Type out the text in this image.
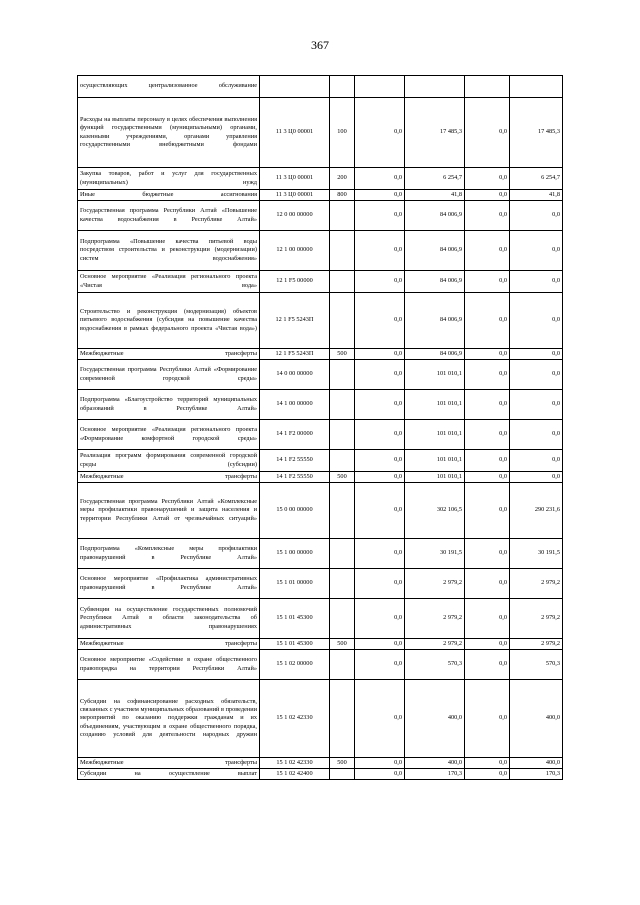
367
осуществляющих централизованное обслуживание						
Расходы на выплаты персоналу в целях обеспечения выполнения функций государственными (муниципальными) органами, казенными учреждениями, органами управления государственными внебюджетными фондами	11 3 Ц0 00001	100	0,0	17 485,3	0,0	17 485,3
Закупка товаров, работ и услуг для государственных (муниципальных) нужд	11 3 Ц0 00001	200	0,0	6 254,7	0,0	6 254,7
Иные бюджетные ассигнования	11 3 Ц0 00001	800	0,0	41,8	0,0	41,8
Государственная программа Республики Алтай «Повышение качества водоснабжения в Республике Алтай»	12 0 00 00000		0,0	84 006,9	0,0	0,0
Подпрограмма «Повышение качества питьевой воды посредством строительства и реконструкции (модернизации) систем водоснабжения»	12 1 00 00000		0,0	84 006,9	0,0	0,0
Основное мероприятие «Реализация регионального проекта «Чистая вода»	12 1 F5 00000		0,0	84 006,9	0,0	0,0
Строительство и реконструкция (модернизация) объектов питьевого водоснабжения (субсидия на повышение качества водоснабжения в рамках федерального проекта «Чистая вода»)	12 1 F5 5243П		0,0	84 006,9	0,0	0,0
Межбюджетные трансферты	12 1 F5 5243П	500	0,0	84 006,9	0,0	0,0
Государственная программа Республики Алтай «Формирование современной городской среды»	14 0 00 00000		0,0	101 010,1	0,0	0,0
Подпрограмма «Благоустройство территорий муниципальных образований в Республике Алтай»	14 1 00 00000		0,0	101 010,1	0,0	0,0
Основное мероприятие «Реализация регионального проекта «Формирование комфортной городской среды»	14 1 F2 00000		0,0	101 010,1	0,0	0,0
Реализация программ формирования современной городской среды (субсидии)	14 1 F2 55550		0,0	101 010,1	0,0	0,0
Межбюджетные трансферты	14 1 F2 55550	500	0,0	101 010,1	0,0	0,0
Государственная программа Республики Алтай «Комплексные меры профилактики правонарушений и защита населения и территории Республики Алтай от чрезвычайных ситуаций»	15 0 00 00000		0,0	302 106,5	0,0	290 231,6
Подпрограмма «Комплексные меры профилактики правонарушений в Республике Алтай»	15 1 00 00000		0,0	30 191,5	0,0	30 191,5
Основное мероприятие «Профилактика административных правонарушений в Республике Алтай»	15 1 01 00000		0,0	2 979,2	0,0	2 979,2
Субвенции на осуществление государственных полномочий Республики Алтай в области законодательства об административных правонарушениях	15 1 01 45300		0,0	2 979,2	0,0	2 979,2
Межбюджетные трансферты	15 1 01 45300	500	0,0	2 979,2	0,0	2 979,2
Основное мероприятие «Содействие в охране общественного правопорядка на территории Республики Алтай»	15 1 02 00000		0,0	570,3	0,0	570,3
Субсидии на софинансирование расходных обязательств, связанных с участием муниципальных образований в проведении мероприятий по оказанию поддержки гражданам и их объединениям, участвующим в охране общественного порядка, созданию условий для деятельности народных дружин	15 1 02 42330		0,0	400,0	0,0	400,0
Межбюджетные трансферты	15 1 02 42330	500	0,0	400,0	0,0	400,0
Субсидии на осуществление выплат	15 1 02 42400		0,0	170,3	0,0	170,3
